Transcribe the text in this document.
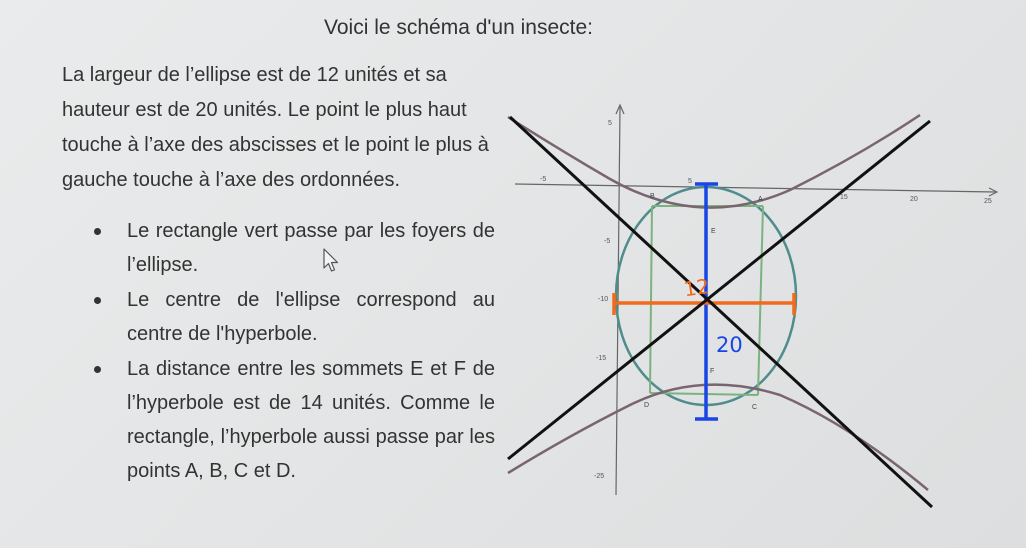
Voici le schéma d'un insecte:

La largeur de l’ellipse est de 12 unités et sa hauteur est de 20 unités. Le point le plus haut touche à l’axe des abscisses et le point le plus à gauche touche à l’axe des ordonnées.

Le rectangle vert passe par les foyers de l’ellipse.
Le centre de l'ellipse correspond au centre de l'hyperbole.
La distance entre les sommets E et F de l’hyperbole est de 14 unités. Comme le rectangle, l’hyperbole aussi passe par les points A, B, C et D.
-5	5
15	20	25
5
-5
-10
-15
-25
A
B
C
D
E
F
12
20
